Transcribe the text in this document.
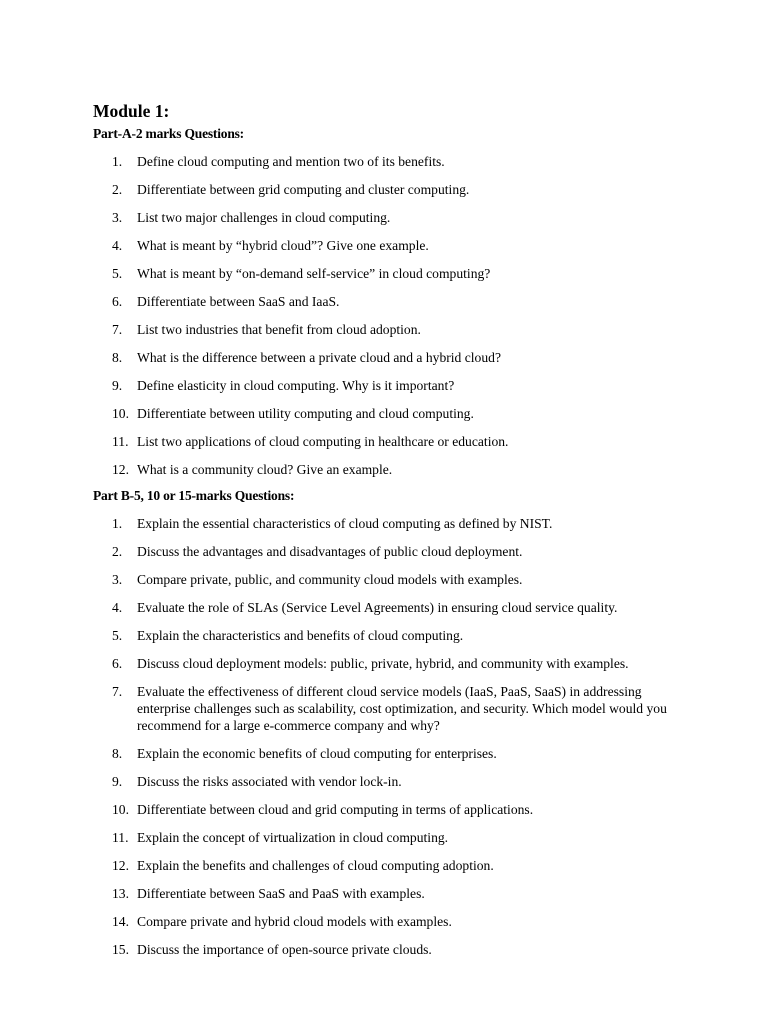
Module 1:
Part-A-2 marks Questions:
1.	Define cloud computing and mention two of its benefits.
2.	Differentiate between grid computing and cluster computing.
3.	List two major challenges in cloud computing.
4.	What is meant by “hybrid cloud”? Give one example.
5.	What is meant by “on-demand self-service” in cloud computing?
6.	Differentiate between SaaS and IaaS.
7.	List two industries that benefit from cloud adoption.
8.	What is the difference between a private cloud and a hybrid cloud?
9.	Define elasticity in cloud computing. Why is it important?
10. Differentiate between utility computing and cloud computing.
11. List two applications of cloud computing in healthcare or education.
12. What is a community cloud? Give an example.
Part B-5, 10 or 15-marks Questions:
1.	Explain the essential characteristics of cloud computing as defined by NIST.
2.	Discuss the advantages and disadvantages of public cloud deployment.
3.	Compare private, public, and community cloud models with examples.
4.	Evaluate the role of SLAs (Service Level Agreements) in ensuring cloud service quality.
5.	Explain the characteristics and benefits of cloud computing.
6.	Discuss cloud deployment models: public, private, hybrid, and community with examples.
7.	Evaluate the effectiveness of different cloud service models (IaaS, PaaS, SaaS) in addressing enterprise challenges such as scalability, cost optimization, and security. Which model would you recommend for a large e-commerce company and why?
8.	Explain the economic benefits of cloud computing for enterprises.
9.	Discuss the risks associated with vendor lock-in.
10. Differentiate between cloud and grid computing in terms of applications.
11. Explain the concept of virtualization in cloud computing.
12. Explain the benefits and challenges of cloud computing adoption.
13. Differentiate between SaaS and PaaS with examples.
14. Compare private and hybrid cloud models with examples.
15. Discuss the importance of open-source private clouds.
